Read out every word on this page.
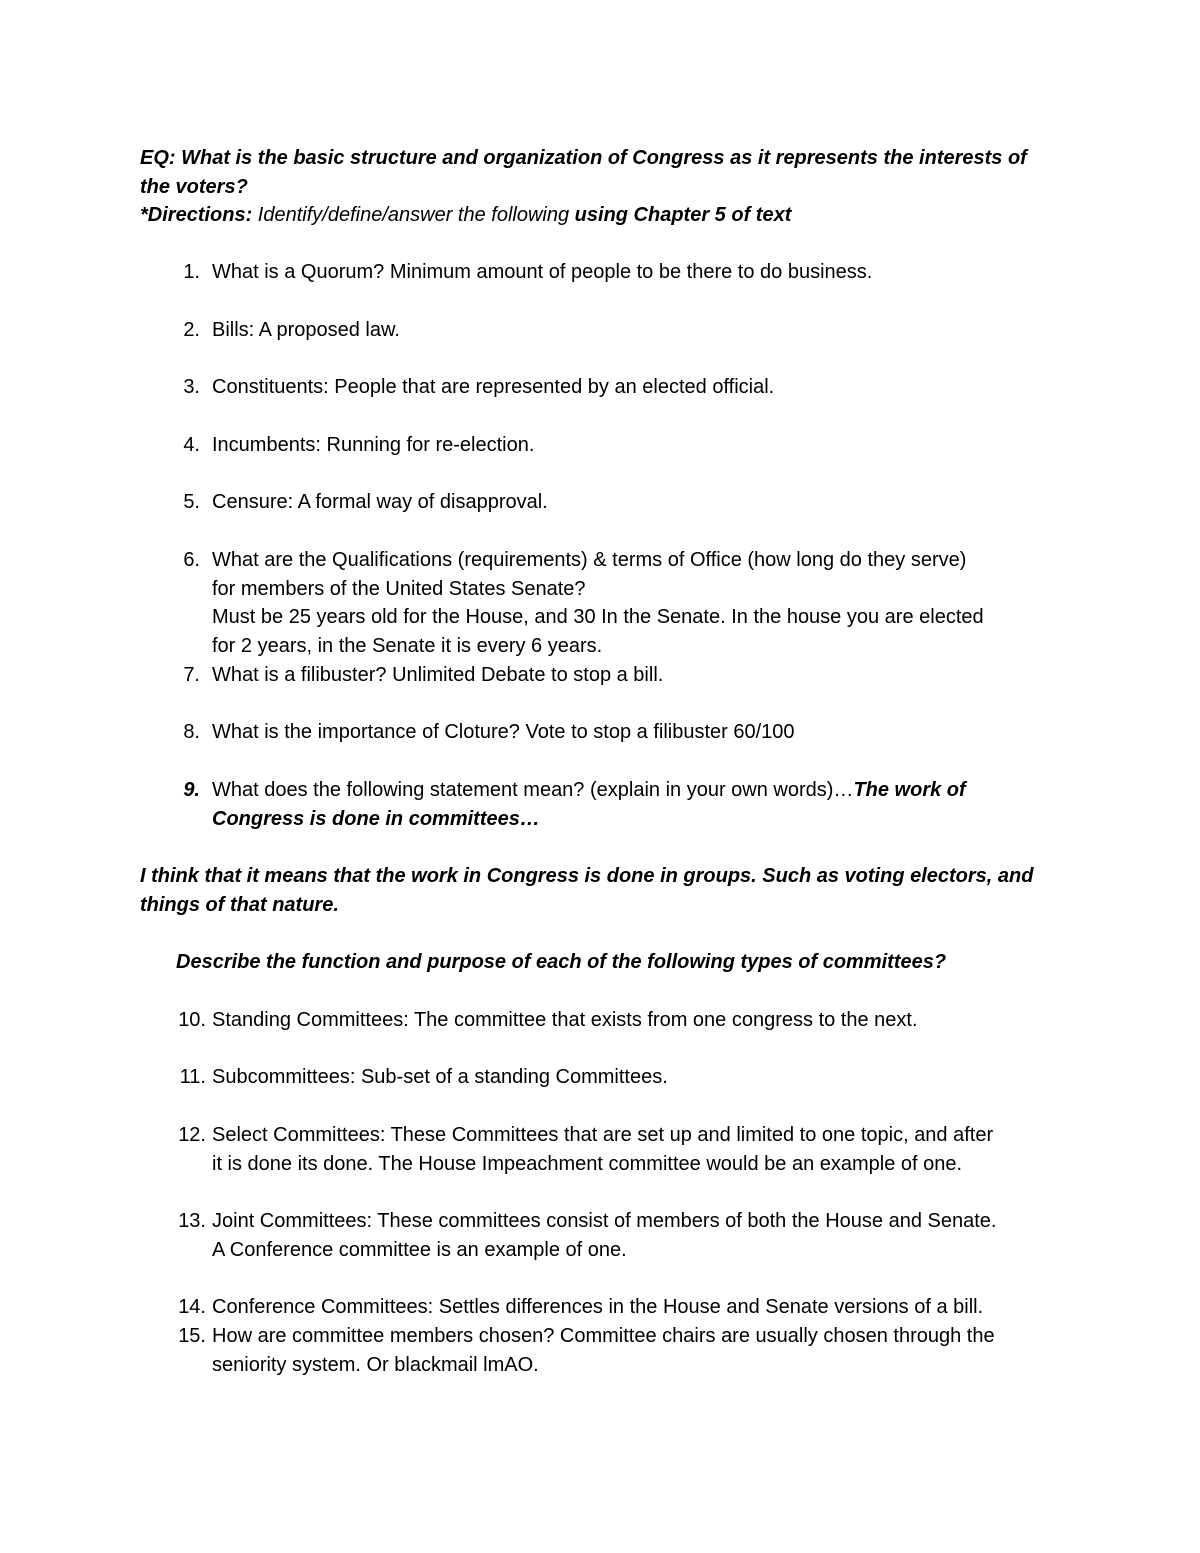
EQ: What is the basic structure and organization of Congress as it represents the interests of
the voters?
*Directions: Identify/define/answer the following using Chapter 5 of text
1. What is a Quorum? Minimum amount of people to be there to do business.
2. Bills: A proposed law.
3. Constituents: People that are represented by an elected official.
4. Incumbents: Running for re-election.
5. Censure: A formal way of disapproval.
6. What are the Qualifications (requirements) & terms of Office (how long do they serve)
for members of the United States Senate?
Must be 25 years old for the House, and 30 In the Senate. In the house you are elected
for 2 years, in the Senate it is every 6 years.
7. What is a filibuster? Unlimited Debate to stop a bill.
8. What is the importance of Cloture? Vote to stop a filibuster 60/100
9. What does the following statement mean? (explain in your own words)…The work of
Congress is done in committees…
I think that it means that the work in Congress is done in groups. Such as voting electors, and
things of that nature.
Describe the function and purpose of each of the following types of committees?
10. Standing Committees: The committee that exists from one congress to the next.
11. Subcommittees: Sub-set of a standing Committees.
12. Select Committees: These Committees that are set up and limited to one topic, and after
it is done its done. The House Impeachment committee would be an example of one.
13. Joint Committees: These committees consist of members of both the House and Senate.
A Conference committee is an example of one.
14. Conference Committees: Settles differences in the House and Senate versions of a bill.
15. How are committee members chosen? Committee chairs are usually chosen through the
seniority system. Or blackmail lmAO.
